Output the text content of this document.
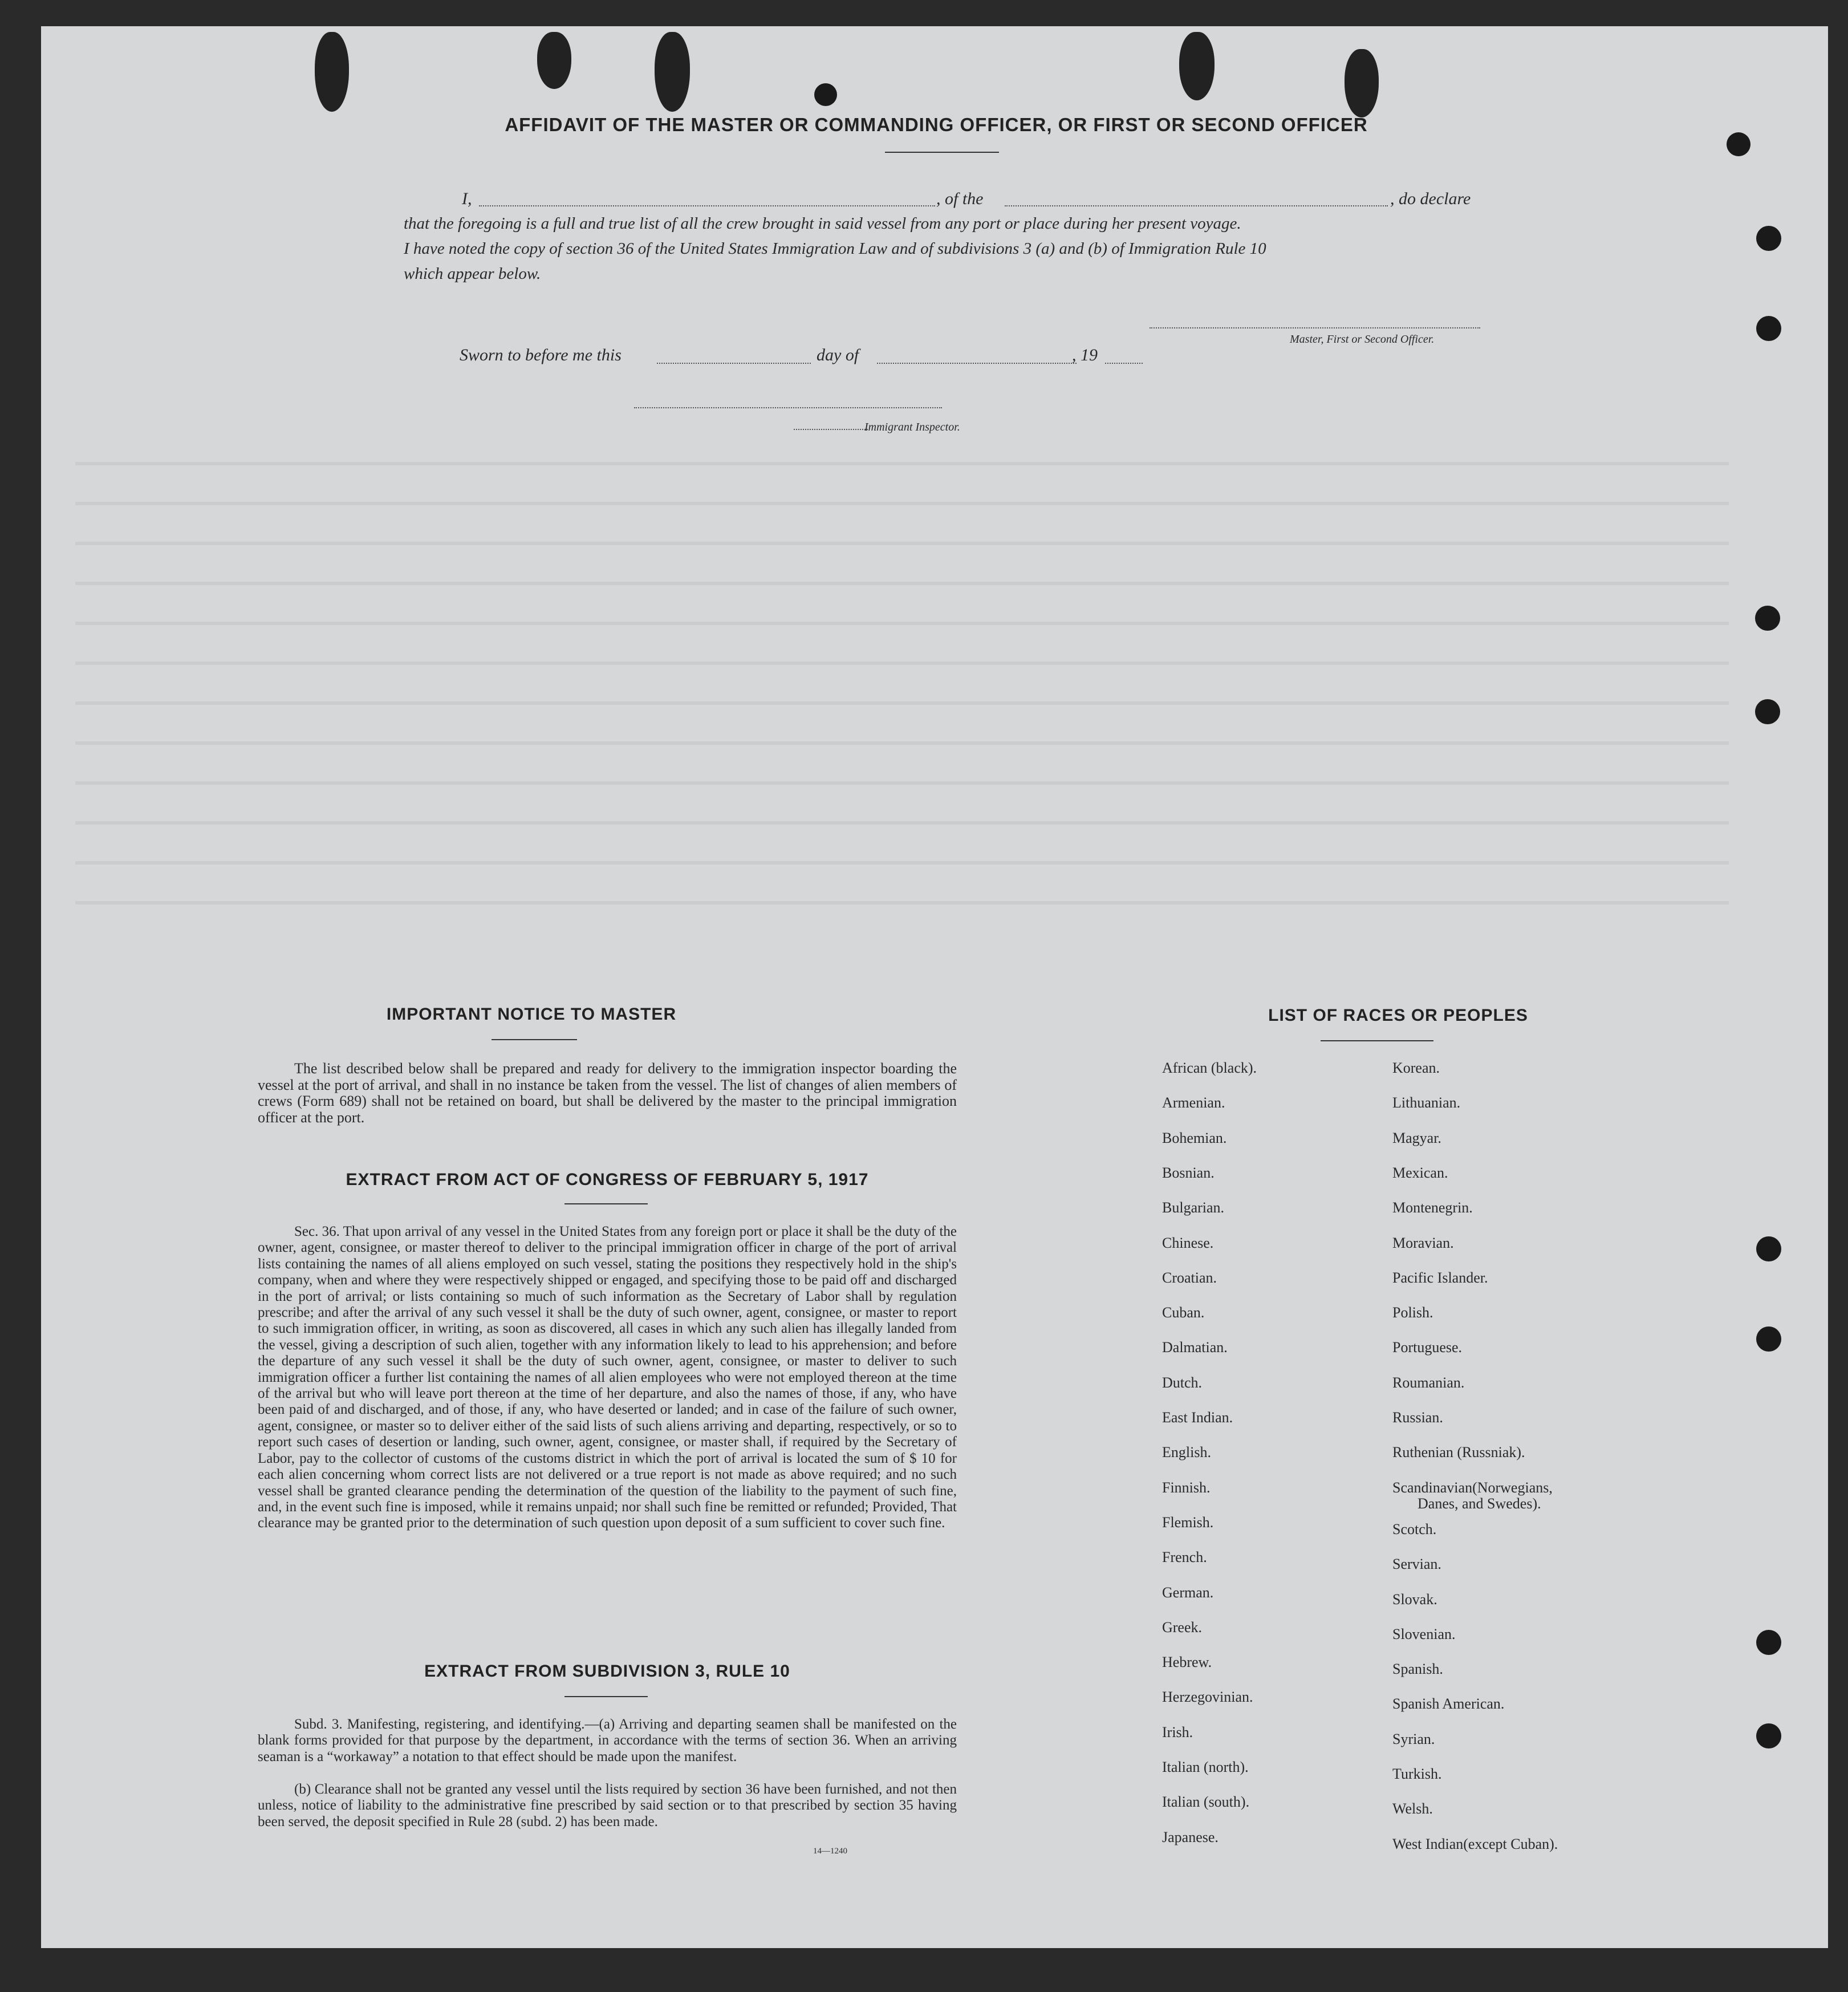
AFFIDAVIT OF THE MASTER OR COMMANDING OFFICER, OR FIRST OR SECOND OFFICER
I,	, of the	, do declare
that the foregoing is a full and true list of all the crew brought in said vessel from any port or place during her present voyage.
I have noted the copy of section 36 of the United States Immigration Law and of subdivisions 3 (a) and (b) of Immigration Rule 10
which appear below.
Master, First or Second Officer.
Sworn to before me this	day of	, 19
Immigrant Inspector.
IMPORTANT NOTICE TO MASTER
The list described below shall be prepared and ready for delivery to the immigration inspector boarding the vessel at the port of arrival, and shall in no instance be taken from the vessel. The list of changes of alien members of crews (Form 689) shall not be retained on board, but shall be delivered by the master to the principal immigration officer at the port.
EXTRACT FROM ACT OF CONGRESS OF FEBRUARY 5, 1917
Sec. 36. That upon arrival of any vessel in the United States from any foreign port or place it shall be the duty of the owner, agent, consignee, or master thereof to deliver to the principal immigration officer in charge of the port of arrival lists containing the names of all aliens employed on such vessel, stating the positions they respectively hold in the ship's company, when and where they were respectively shipped or engaged, and specifying those to be paid off and discharged in the port of arrival; or lists containing so much of such information as the Secretary of Labor shall by regulation prescribe; and after the arrival of any such vessel it shall be the duty of such owner, agent, consignee, or master to report to such immigration officer, in writing, as soon as discovered, all cases in which any such alien has illegally landed from the vessel, giving a description of such alien, together with any information likely to lead to his apprehension; and before the departure of any such vessel it shall be the duty of such owner, agent, consignee, or master to deliver to such immigration officer a further list containing the names of all alien employees who were not employed thereon at the time of the arrival but who will leave port thereon at the time of her departure, and also the names of those, if any, who have been paid of and discharged, and of those, if any, who have deserted or landed; and in case of the failure of such owner, agent, consignee, or master so to deliver either of the said lists of such aliens arriving and departing, respectively, or so to report such cases of desertion or landing, such owner, agent, consignee, or master shall, if required by the Secretary of Labor, pay to the collector of customs of the customs district in which the port of arrival is located the sum of $ 10 for each alien concerning whom correct lists are not delivered or a true report is not made as above required; and no such vessel shall be granted clearance pending the determination of the question of the liability to the payment of such fine, and, in the event such fine is imposed, while it remains unpaid; nor shall such fine be remitted or refunded; Provided, That clearance may be granted prior to the determination of such question upon deposit of a sum sufficient to cover such fine.
EXTRACT FROM SUBDIVISION 3, RULE 10
Subd. 3. Manifesting, registering, and identifying.—(a) Arriving and departing seamen shall be manifested on the blank forms provided for that purpose by the department, in accordance with the terms of section 36. When an arriving seaman is a “workaway” a notation to that effect should be made upon the manifest.
(b) Clearance shall not be granted any vessel until the lists required by section 36 have been furnished, and not then unless, notice of liability to the administrative fine prescribed by said section or to that prescribed by section 35 having been served, the deposit specified in Rule 28 (subd. 2) has been made.
14—1240
LIST OF RACES OR PEOPLES
African (black).
Armenian.
Bohemian.
Bosnian.
Bulgarian.
Chinese.
Croatian.
Cuban.
Dalmatian.
Dutch.
East Indian.
English.
Finnish.
Flemish.
French.
German.
Greek.
Hebrew.
Herzegovinian.
Irish.
Italian (north).
Italian (south).
Japanese.
Korean.
Lithuanian.
Magyar.
Mexican.
Montenegrin.
Moravian.
Pacific Islander.
Polish.
Portuguese.
Roumanian.
Russian.
Ruthenian (Russniak).
Scandinavian(Norwegians,
Danes, and Swedes).
Scotch.
Servian.
Slovak.
Slovenian.
Spanish.
Spanish American.
Syrian.
Turkish.
Welsh.
West Indian(except Cuban).
